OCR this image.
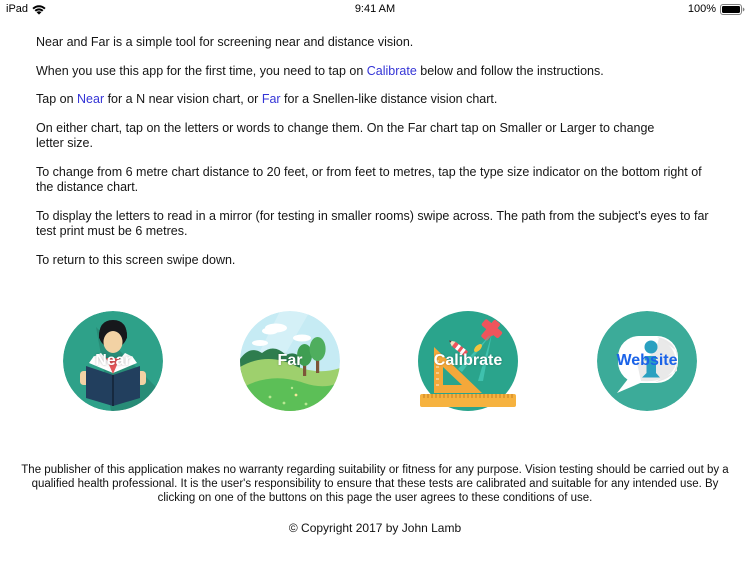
iPad	9:41 AM	100%

Near and Far is a simple tool for screening near and distance vision.

When you use this app for the first time, you need to tap on Calibrate below and follow the instructions.

Tap on Near for a N near vision chart, or Far for a Snellen-like distance vision chart.

On either chart, tap on the letters or words to change them. On the Far chart tap on Smaller or Larger to change
letter size.

To change from 6 metre chart distance to 20 feet, or from feet to metres, tap the type size indicator on the bottom right of
the distance chart.

To display the letters to read in a mirror (for testing in smaller rooms) swipe across. The path from the subject's eyes to far
test print must be 6 metres.

To return to this screen swipe down.

Near	Far	Calibrate	Website
The publisher of this application makes no warranty regarding suitability or fitness for any purpose. Vision testing should be carried out by a
qualified health professional. It is the user's responsibility to ensure that these tests are calibrated and suitable for any intended use. By
clicking on one of the buttons on this page the user agrees to these conditions of use.
© Copyright 2017 by John Lamb
